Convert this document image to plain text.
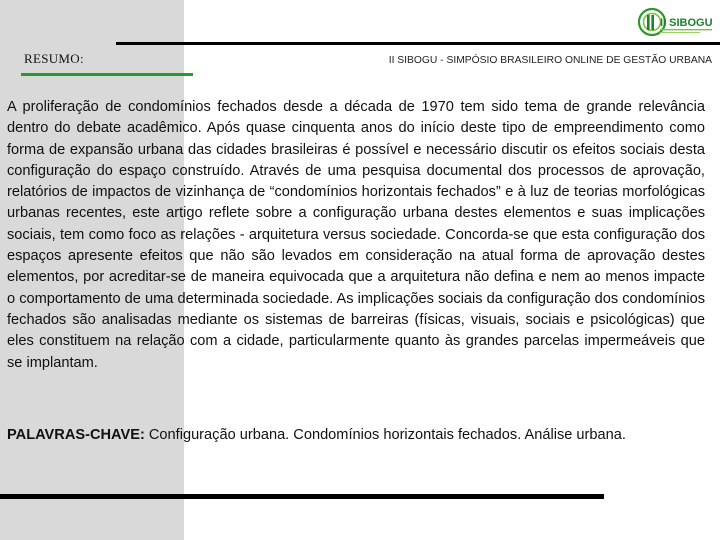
II SIBOGU
RESUMO:	II SIBOGU - SIMPÓSIO BRASILEIRO ONLINE DE GESTÃO URBANA

A proliferação de condomínios fechados desde a década de 1970 tem sido tema de grande relevância dentro do debate acadêmico. Após quase cinquenta anos do início deste tipo de empreendimento como forma de expansão urbana das cidades brasileiras é possível e necessário discutir os efeitos sociais desta configuração do espaço construído. Através de uma pesquisa documental dos processos de aprovação, relatórios de impactos de vizinhança de “condomínios horizontais fechados” e à luz de teorias morfológicas urbanas recentes, este artigo reflete sobre a configuração urbana destes elementos e suas implicações sociais, tem como foco as relações - arquitetura versus sociedade. Concorda-se que esta configuração dos espaços apresente efeitos que não são levados em consideração na atual forma de aprovação destes elementos, por acreditar-se de maneira equivocada que a arquitetura não defina e nem ao menos impacte o comportamento de uma determinada sociedade. As implicações sociais da configuração dos condomínios fechados são analisadas mediante os sistemas de barreiras (físicas, visuais, sociais e psicológicas) que eles constituem na relação com a cidade, particularmente quanto às grandes parcelas impermeáveis que se implantam.

PALAVRAS-CHAVE: Configuração urbana. Condomínios horizontais fechados. Análise urbana.
